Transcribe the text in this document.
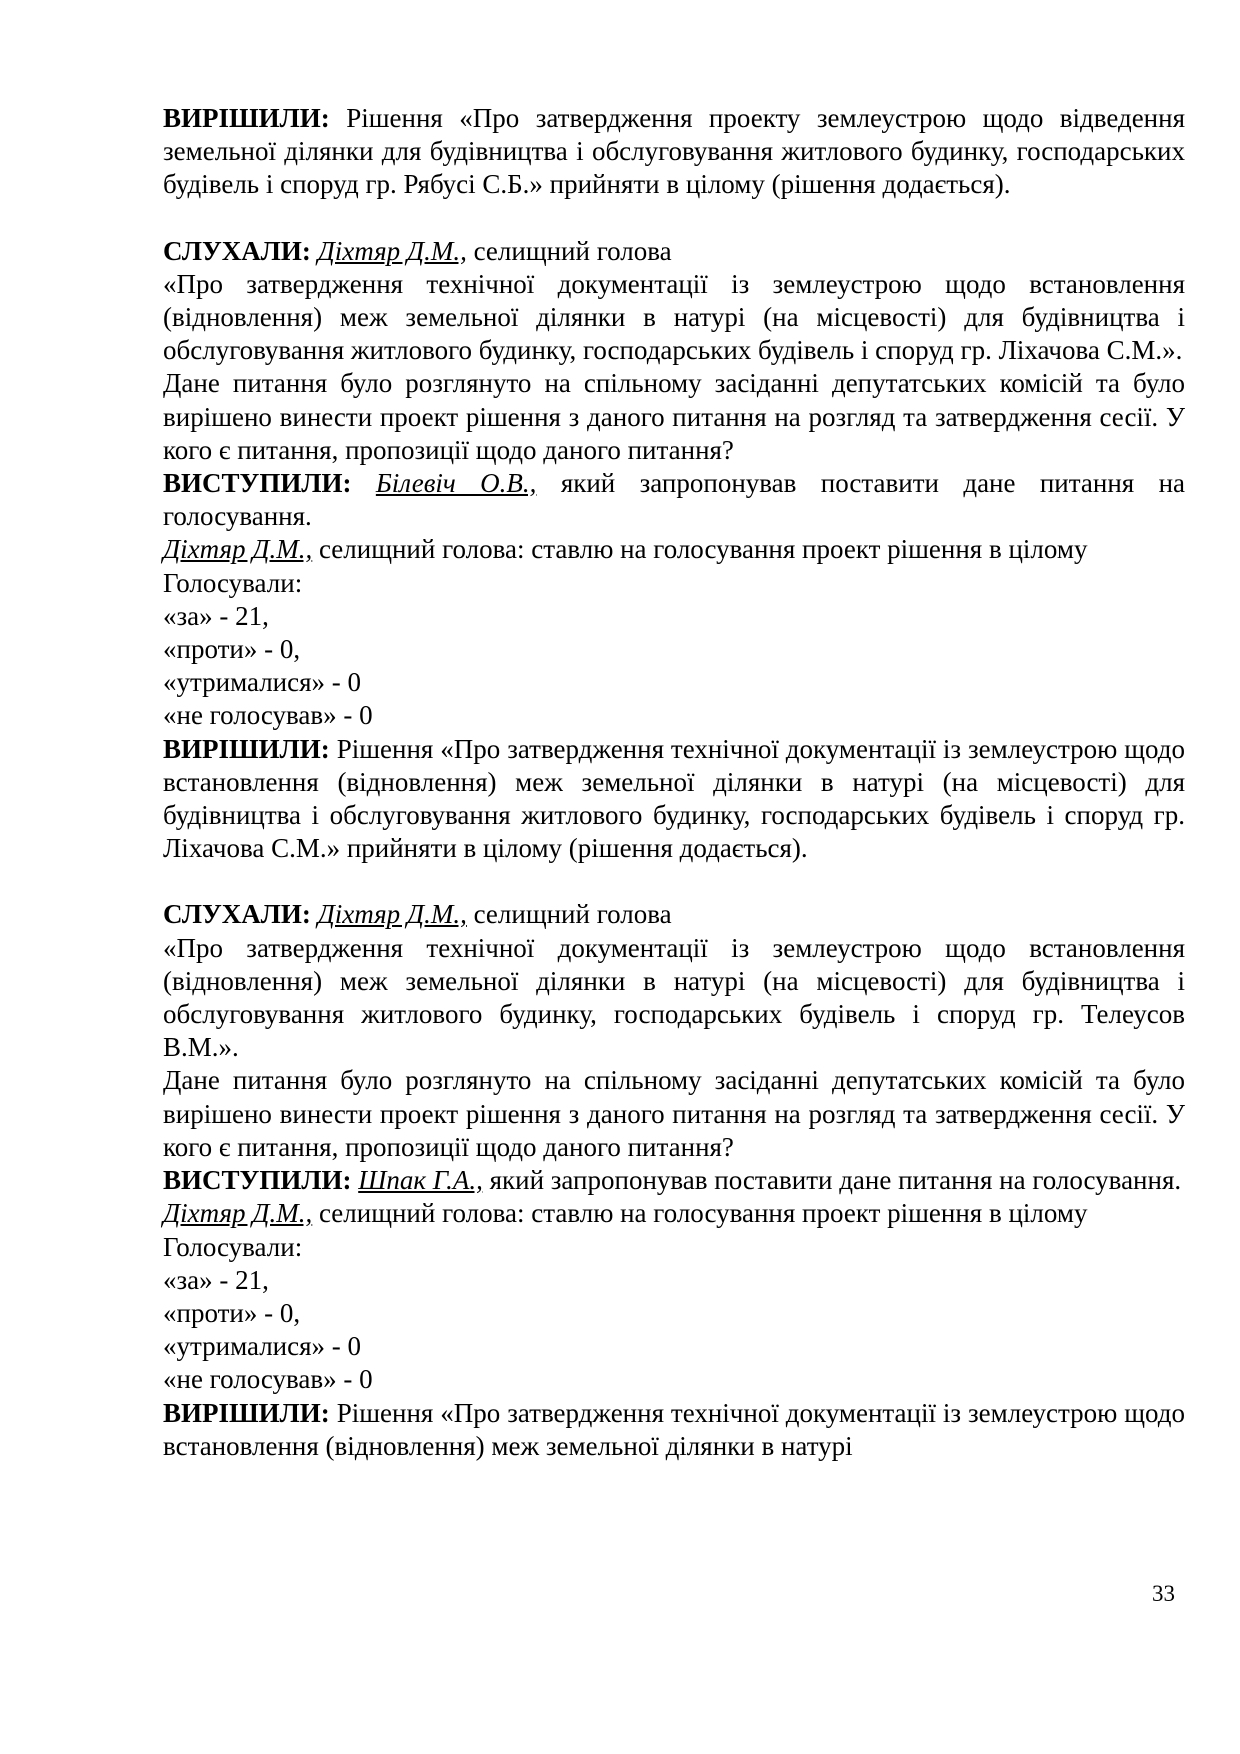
ВИРІШИЛИ: Рішення «Про затвердження проекту землеустрою щодо відведення земельної ділянки для будівництва і обслуговування житлового будинку, господарських будівель і споруд гр. Рябусі С.Б.» прийняти в цілому (рішення додається).

СЛУХАЛИ: Діхтяр Д.М., селищний голова

«Про затвердження технічної документації із землеустрою щодо встановлення (відновлення) меж земельної ділянки в натурі (на місцевості) для будівництва і обслуговування житлового будинку, господарських будівель і споруд гр. Ліхачова С.М.».

Дане питання було розглянуто на спільному засіданні депутатських комісій та було вирішено винести проект рішення з даного питання на розгляд та затвердження сесії. У кого є питання, пропозиції щодо даного питання?

ВИСТУПИЛИ: Білевіч О.В., який запропонував поставити дане питання на голосування.

Діхтяр Д.М., селищний голова: ставлю на голосування проект рішення в цілому

Голосували:

«за» - 21,

«проти» - 0,

«утрималися» - 0

«не голосував» - 0

ВИРІШИЛИ: Рішення «Про затвердження технічної документації із землеустрою щодо встановлення (відновлення) меж земельної ділянки в натурі (на місцевості) для будівництва і обслуговування житлового будинку, господарських будівель і споруд гр. Ліхачова С.М.» прийняти в цілому (рішення додається).

СЛУХАЛИ: Діхтяр Д.М., селищний голова

«Про затвердження технічної документації із землеустрою щодо встановлення (відновлення) меж земельної ділянки в натурі (на місцевості) для будівництва і обслуговування житлового будинку, господарських будівель і споруд гр. Телеусов В.М.».

Дане питання було розглянуто на спільному засіданні депутатських комісій та було вирішено винести проект рішення з даного питання на розгляд та затвердження сесії. У кого є питання, пропозиції щодо даного питання?

ВИСТУПИЛИ: Шпак Г.А., який запропонував поставити дане питання на голосування.

Діхтяр Д.М., селищний голова: ставлю на голосування проект рішення в цілому

Голосували:

«за» - 21,

«проти» - 0,

«утрималися» - 0

«не голосував» - 0

ВИРІШИЛИ: Рішення «Про затвердження технічної документації із землеустрою щодо встановлення (відновлення) меж земельної ділянки в натурі

33
